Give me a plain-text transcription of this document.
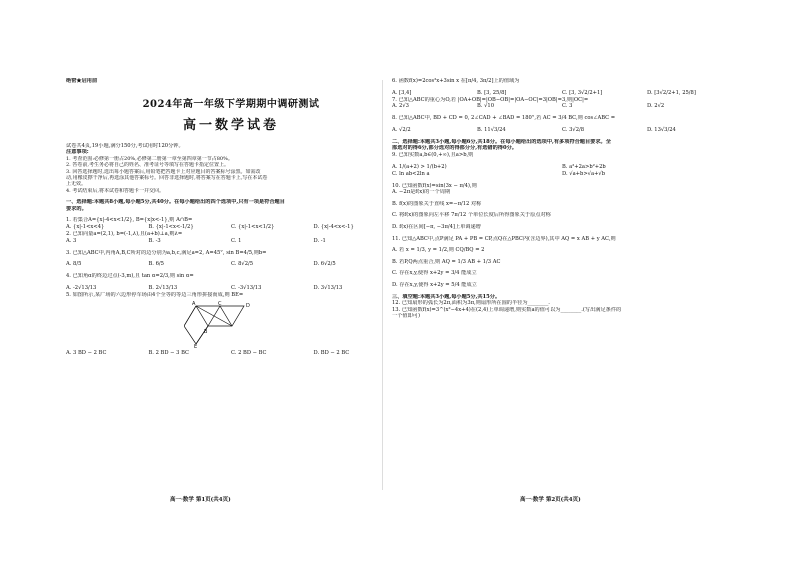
绝密★启用前
2024年高一年级下学期期中调研测试
高一数学试卷
试卷共4页,19小题,满分150分,考试用时120分钟。
注意事项:
1. 考查范围:必修第一册占20%,必修第二册第一章至第四章第一节占80%。
2. 答卷前,考生务必将自己的姓名、准考证号等填写在答题卡指定位置上。
3. 回答选择题时,选出每小题答案后,用铅笔把答题卡上对应题目的答案标号涂黑。如需改
动,用橡皮擦干净后,再选涂其他答案标号。回答非选择题时,将答案写在答题卡上,写在本试卷
上无效。
4. 考试结束后,将本试卷和答题卡一并交回。
一、选择题:本题共8小题,每小题5分,共40分。在每小题给出的四个选项中,只有一项是符合题目
要求的。
1. 若集合A={x|-4<x<1/2}, B={x|x<-1},则 A∩B=
A. {x|-1<x<4}	B. {x|-1<x<-1/2}	C. {x|-1<x<1/2}	D. {x|-4<x<-1}
2. 已知向量a=(2,1), b=(-1,λ),且(a+b)⊥a,则λ=
A. 3	B. -3	C. 1	D. -1
3. 已知△ABC中,内角A,B,C所对的边分别为a,b,c,满足a=2, A=45°, sin B=4/5,则b=
A. 8/5	B. 6/5	C. 8√2/5	D. 6√2/5
4. 已知角α的终边过点(-3,m),且 tan α=2/3,则 sin α=
A. -2√13/13	B. 2√13/13	C. -3√13/13	D. 3√13/13
5. 如图所示,某广场的六边形停车场由4个全等的等边三角形拼接而成,则 BE=
A
B
C	D
E
A. 3 BD − 2 BC	B. 2 BD − 3 BC	C. 2 BD − BC	D. BD − 2 BC
6. 函数f(x)=2cos²x+3sin x 在[π/4, 3π/2]上的值域为
A. [3,4]	B. [3, 25/8]	C. [3, 3√2/2+1]	D. [3√2/2+1, 25/8]
7. 已知△ABC的重心为O,若 |OA+OB|=|OB−OB|=|OA−OC|=3|OB|=3,则|OC|=
A. 2√3	B. √10	C. 3	D. 2√2
8. 已知△ABC中, BD + CD = 0, 2∠CAD + ∠BAD = 180°,若 AC = 3/4 BC,则 cos∠ABC =
A. √2/2	B. 11√3/24	C. 3√2/8	D. 13√3/24
二、选择题:本题共3小题,每小题6分,共18分。在每小题给出的选项中,有多项符合题目要求。全
部选对的得6分,部分选对的得部分分,有选错的得0分。
9. 已知实数a,b∈(0,+∞),且a>b,则
A. 1/(a+2) > 1/(b+2)	B. a²+2a>b²+2b
C. ln ab<2ln a	D. √a+b>√a+√b
10. 已知函数f(x)=sin(3x − π/4),则
A. −2π是f(x)的一个周期
B. f(x)的图象关于直线 x=−π/12 对称
C. 将f(x)的图象向左平移 7π/12 个单位长度后所得图象关于原点对称
D. f(x)在区间[−π, −3π/4]上单调递增
11. 已知△ABC中,点P满足 PA + PB = CP,点Q在△PBC内(含边界),其中 AQ = x AB + y AC,则
A. 若 x = 1/3, y = 1/2,则 CQ/BQ = 2
B. 若P,Q两点重合,则 AQ = 1/3 AB + 1/3 AC
C. 存在x,y,使得 x+2y = 3/4 能成立
D. 存在x,y,使得 x+2y = 5/4 能成立
三、填空题:本题共3小题,每小题5分,共15分。
12. 已知扇形的弧长为2π,面积为3π,则扇形所在圆的半径为________.
13. 已知函数f(x)=3^(x²−4x+4)在(2,4)上单调递增,则实数a的值可以为________.(写出满足条件的
一个值即可)
高一·数学 第1页(共4页)	高一·数学 第2页(共4页)
